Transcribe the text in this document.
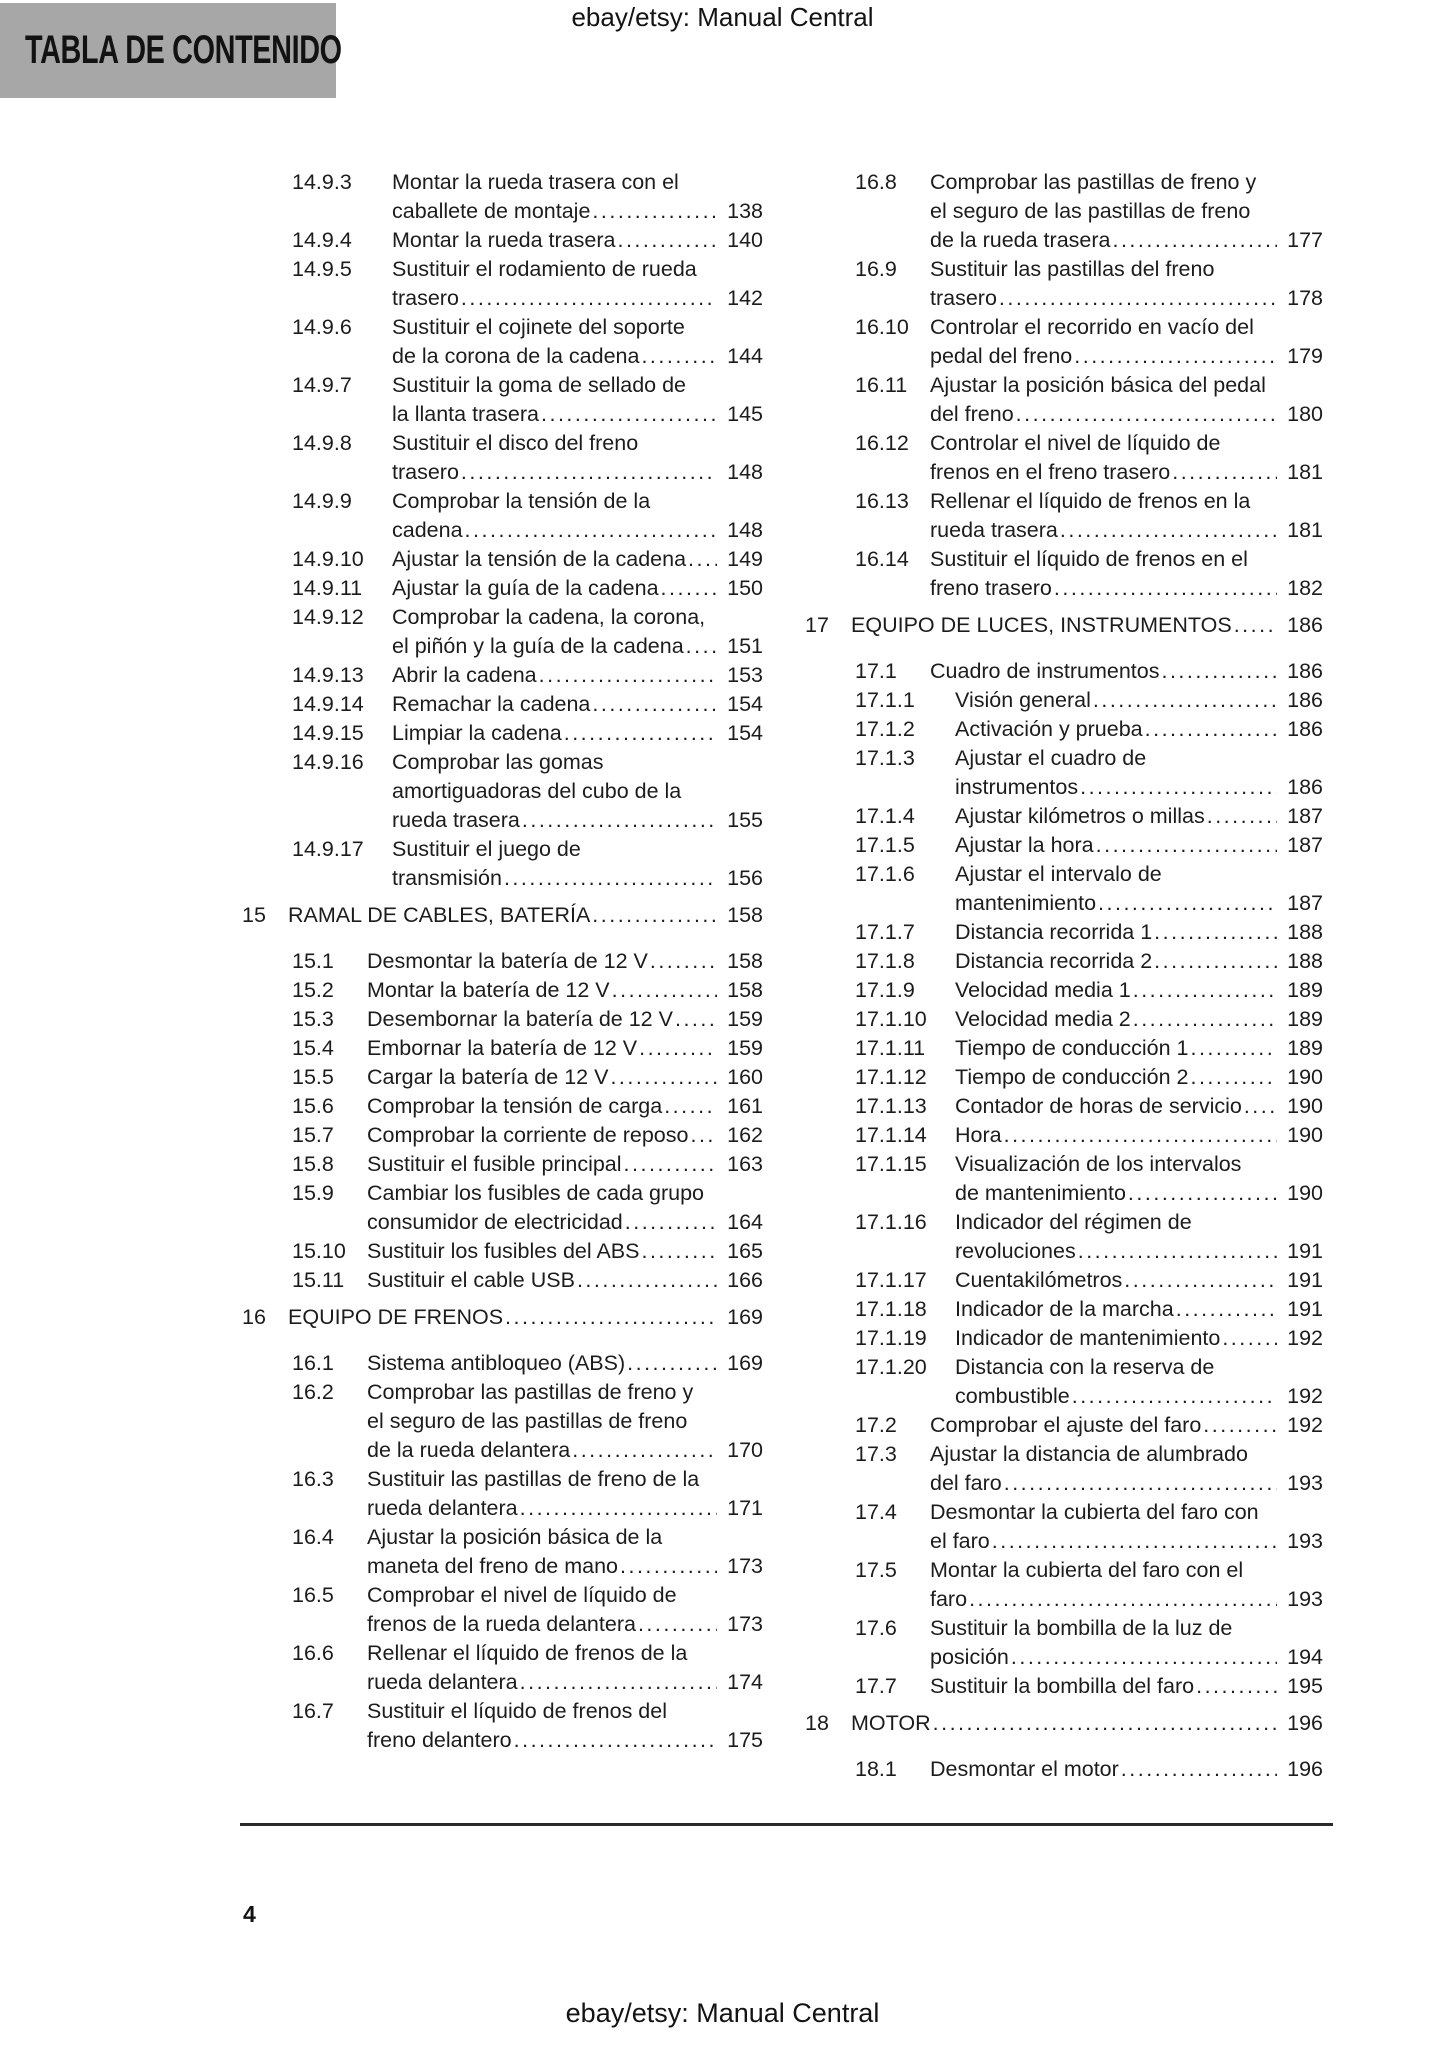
TABLA DE CONTENIDO
ebay/etsy: Manual Central
14.9.3	Montar la rueda trasera con el
caballete de montaje .....	138
14.9.4	Montar la rueda trasera .....	140
14.9.5	Sustituir el rodamiento de rueda
trasero .....	142
14.9.6	Sustituir el cojinete del soporte
de la corona de la cadena .....	144
14.9.7	Sustituir la goma de sellado de
la llanta trasera .....	145
14.9.8	Sustituir el disco del freno
trasero .....	148
14.9.9	Comprobar la tensión de la
cadena .....	148
14.9.10	Ajustar la tensión de la cadena .....	149
14.9.11	Ajustar la guía de la cadena .....	150
14.9.12	Comprobar la cadena, la corona,
el piñón y la guía de la cadena .....	151
14.9.13	Abrir la cadena .....	153
14.9.14	Remachar la cadena .....	154
14.9.15	Limpiar la cadena .....	154
14.9.16	Comprobar las gomas
amortiguadoras del cubo de la
rueda trasera .....	155
14.9.17	Sustituir el juego de
transmisión .....	156
15	RAMAL DE CABLES, BATERÍA .....	158
15.1	Desmontar la batería de 12 V .....	158
15.2	Montar la batería de 12 V .....	158
15.3	Desembornar la batería de 12 V .....	159
15.4	Embornar la batería de 12 V .....	159
15.5	Cargar la batería de 12 V .....	160
15.6	Comprobar la tensión de carga .....	161
15.7	Comprobar la corriente de reposo .....	162
15.8	Sustituir el fusible principal .....	163
15.9	Cambiar los fusibles de cada grupo
consumidor de electricidad .....	164
15.10 Sustituir los fusibles del ABS .....	165
15.11	Sustituir el cable USB .....	166
16	EQUIPO DE FRENOS .....	169
16.1	Sistema antibloqueo (ABS) .....	169
16.2	Comprobar las pastillas de freno y
el seguro de las pastillas de freno
de la rueda delantera .....	170
16.3	Sustituir las pastillas de freno de la
rueda delantera .....	171
16.4	Ajustar la posición básica de la
maneta del freno de mano .....	173
16.5	Comprobar el nivel de líquido de
frenos de la rueda delantera .....	173
16.6	Rellenar el líquido de frenos de la
rueda delantera .....	174
16.7	Sustituir el líquido de frenos del
freno delantero .....	175
16.8	Comprobar las pastillas de freno y
el seguro de las pastillas de freno
de la rueda trasera .....	177
16.9	Sustituir las pastillas del freno
trasero .....	178
16.10 Controlar el recorrido en vacío del
pedal del freno .....	179
16.11	Ajustar la posición básica del pedal
del freno .....	180
16.12 Controlar el nivel de líquido de
frenos en el freno trasero .....	181
16.13 Rellenar el líquido de frenos en la
rueda trasera .....	181
16.14 Sustituir el líquido de frenos en el
freno trasero .....	182
17	EQUIPO DE LUCES, INSTRUMENTOS .....	186
17.1	Cuadro de instrumentos .....	186
17.1.1	Visión general .....	186
17.1.2	Activación y prueba .....	186
17.1.3	Ajustar el cuadro de
instrumentos .....	186
17.1.4	Ajustar kilómetros o millas .....	187
17.1.5	Ajustar la hora .....	187
17.1.6	Ajustar el intervalo de
mantenimiento .....	187
17.1.7	Distancia recorrida 1 .....	188
17.1.8	Distancia recorrida 2 .....	188
17.1.9	Velocidad media 1 .....	189
17.1.10	Velocidad media 2 .....	189
17.1.11	Tiempo de conducción 1 .....	189
17.1.12	Tiempo de conducción 2 .....	190
17.1.13	Contador de horas de servicio .....	190
17.1.14	Hora .....	190
17.1.15	Visualización de los intervalos
de mantenimiento .....	190
17.1.16	Indicador del régimen de
revoluciones .....	191
17.1.17	Cuentakilómetros .....	191
17.1.18	Indicador de la marcha .....	191
17.1.19	Indicador de mantenimiento .....	192
17.1.20	Distancia con la reserva de
combustible .....	192
17.2	Comprobar el ajuste del faro .....	192
17.3	Ajustar la distancia de alumbrado
del faro .....	193
17.4	Desmontar la cubierta del faro con
el faro .....	193
17.5	Montar la cubierta del faro con el
faro .....	193
17.6	Sustituir la bombilla de la luz de
posición .....	194
17.7	Sustituir la bombilla del faro .....	195
18	MOTOR .....	196
18.1	Desmontar el motor .....	196
4
ebay/etsy: Manual Central
